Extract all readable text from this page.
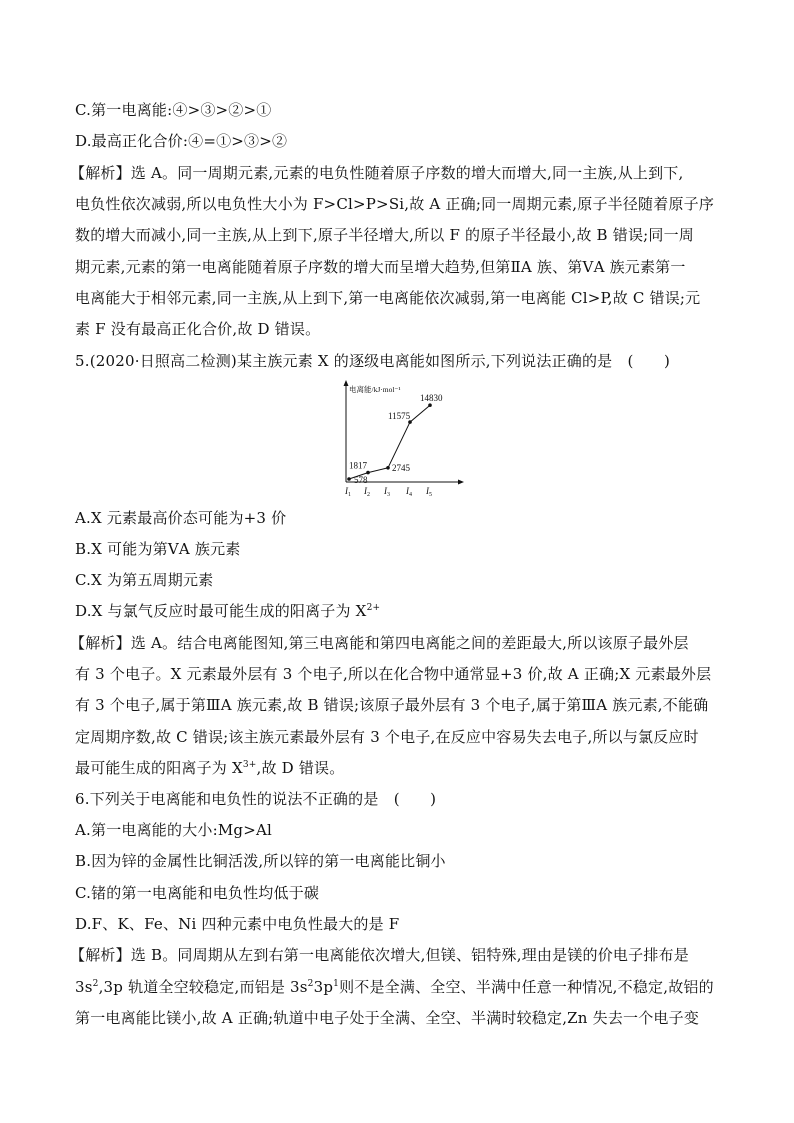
C.第一电离能:④>③>②>①
D.最高正化合价:④=①>③>②
【解析】选 A。同一周期元素,元素的电负性随着原子序数的增大而增大,同一主族,从上到下,
电负性依次减弱,所以电负性大小为 F>Cl>P>Si,故 A 正确;同一周期元素,原子半径随着原子序
数的增大而减小,同一主族,从上到下,原子半径增大,所以 F 的原子半径最小,故 B 错误;同一周
期元素,元素的第一电离能随着原子序数的增大而呈增大趋势,但第ⅡA 族、第ⅤA 族元素第一
电离能大于相邻元素,同一主族,从上到下,第一电离能依次减弱,第一电离能 Cl>P,故 C 错误;元
素 F 没有最高正化合价,故 D 错误。
5.(2020·日照高二检测)某主族元素 X 的逐级电离能如图所示,下列说法正确的是　(　　)
电离能/kJ·mol⁻¹
578
1817	2745
11575
14830
$I_1$ $I_2$ $I_3$ $I_4$ $I_5$
A.X 元素最高价态可能为+3 价
B.X 可能为第ⅤA 族元素
C.X 为第五周期元素
D.X 与氯气反应时最可能生成的阳离子为 $X^{2+}$
【解析】选 A。结合电离能图知,第三电离能和第四电离能之间的差距最大,所以该原子最外层
有 3 个电子。X 元素最外层有 3 个电子,所以在化合物中通常显+3 价,故 A 正确;X 元素最外层
有 3 个电子,属于第ⅢA 族元素,故 B 错误;该原子最外层有 3 个电子,属于第ⅢA 族元素,不能确
定周期序数,故 C 错误;该主族元素最外层有 3 个电子,在反应中容易失去电子,所以与氯反应时
最可能生成的阳离子为 $X^{3+}$,故 D 错误。
6.下列关于电离能和电负性的说法不正确的是　(　　)
A.第一电离能的大小:Mg>Al
B.因为锌的金属性比铜活泼,所以锌的第一电离能比铜小
C.锗的第一电离能和电负性均低于碳
D.F、K、Fe、Ni 四种元素中电负性最大的是 F
【解析】选 B。同周期从左到右第一电离能依次增大,但镁、铝特殊,理由是镁的价电子排布是
$3s^2,3p$ 轨道全空较稳定,而铝是 $3s^23p^1$则不是全满、全空、半满中任意一种情况,不稳定,故铝的
第一电离能比镁小,故 A 正确;轨道中电子处于全满、全空、半满时较稳定,Zn 失去一个电子变
